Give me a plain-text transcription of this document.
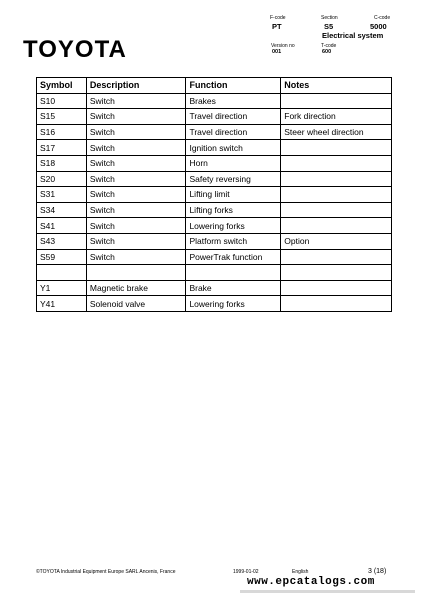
TOYOTA
F-code
PT
Section
S5
C-code
5000
Electrical system
Version no
001
T-code
600
Symbol	Description	Function	Notes
S10	Switch	Brakes	
S15	Switch	Travel direction	Fork direction
S16	Switch	Travel direction	Steer wheel direction
S17	Switch	Ignition switch	
S18	Switch	Horn	
S20	Switch	Safety reversing	
S31	Switch	Lifting limit	
S34	Switch	Lifting forks	
S41	Switch	Lowering forks	
S43	Switch	Platform switch	Option
S59	Switch	PowerTrak function	

Y1	Magnetic brake	Brake	
Y41	Solenoid valve	Lowering forks	
©TOYOTA Industrial Equipment Europe SARL Ancenis, France	1999-01-02	English	3 (18)
www.epcatalogs.com
